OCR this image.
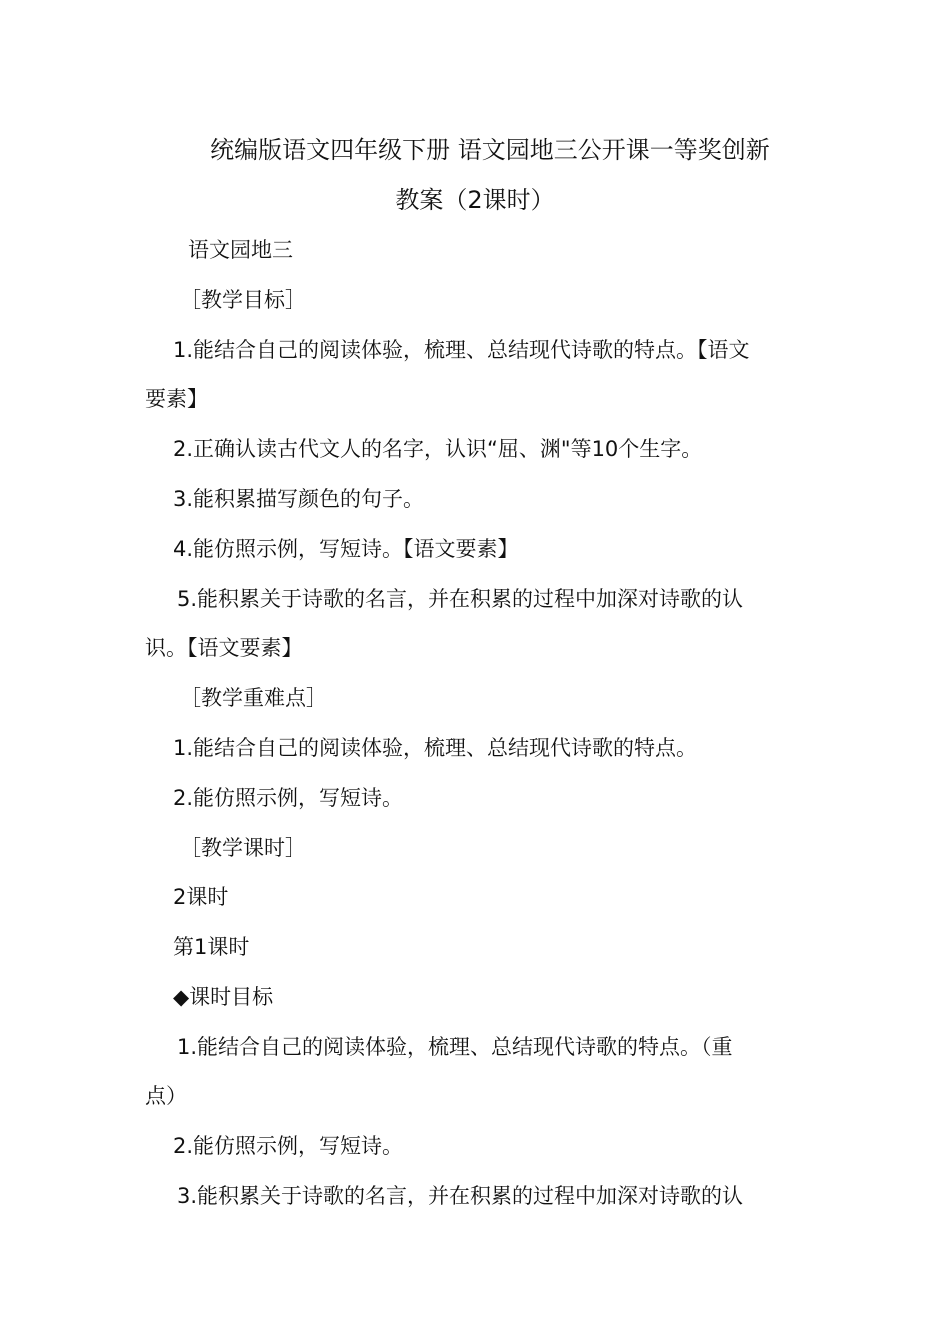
统编版语文四年级下册 语文园地三公开课一等奖创新
教案（2课时）
语文园地三
［教学目标］
1.能结合自己的阅读体验，梳理、总结现代诗歌的特点。【语文
要素】
2.正确认读古代文人的名字，认识“屈、渊"等10个生字。
3.能积累描写颜色的句子。
4.能仿照示例，写短诗。【语文要素】
5.能积累关于诗歌的名言，并在积累的过程中加深对诗歌的认
识。【语文要素】
［教学重难点］
1.能结合自己的阅读体验，梳理、总结现代诗歌的特点。
2.能仿照示例，写短诗。
［教学课时］
2课时
第1课时
◆课时目标
1.能结合自己的阅读体验，梳理、总结现代诗歌的特点。（重
点）
2.能仿照示例，写短诗。
3.能积累关于诗歌的名言，并在积累的过程中加深对诗歌的认
